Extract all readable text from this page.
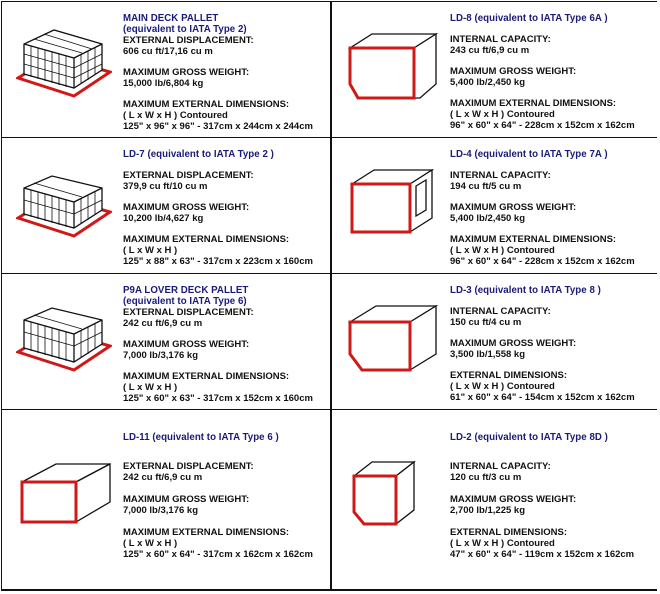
MAIN DECK PALLET
(equivalent to IATA Type 2)
EXTERNAL DISPLACEMENT:
606 cu ft/17,16 cu m
MAXIMUM GROSS WEIGHT:
15,000 lb/6,804 kg
MAXIMUM EXTERNAL DIMENSIONS:
( L x W x H ) Contoured
125" x 96" x 96" - 317cm x 244cm x 244cm
LD-8 (equivalent to IATA Type 6A )
INTERNAL CAPACITY:
243 cu ft/6,9 cu m
MAXIMUM GROSS WEIGHT:
5,400 lb/2,450 kg
MAXIMUM EXTERNAL DIMENSIONS:
( L x W x H ) Contoured
96" x 60" x 64" - 228cm x 152cm x 162cm
LD-7 (equivalent to IATA Type 2 )
EXTERNAL DISPLACEMENT:
379,9 cu ft/10 cu m
MAXIMUM GROSS WEIGHT:
10,200 lb/4,627 kg
MAXIMUM EXTERNAL DIMENSIONS:
( L x W x H )
125" x 88" x 63" - 317cm x 223cm x 160cm
LD-4 (equivalent to IATA Type 7A )
INTERNAL CAPACITY:
194 cu ft/5 cu m
MAXIMUM GROSS WEIGHT:
5,400 lb/2,450 kg
MAXIMUM EXTERNAL DIMENSIONS:
( L x W x H ) Contoured
96" x 60" x 64" - 228cm x 152cm x 162cm
P9A LOVER DECK PALLET
(equivalent to IATA Type 6)
EXTERNAL DISPLACEMENT:
242 cu ft/6,9 cu m
MAXIMUM GROSS WEIGHT:
7,000 lb/3,176 kg
MAXIMUM EXTERNAL DIMENSIONS:
( L x W x H )
125" x 60" x 63" - 317cm x 152cm x 160cm
LD-3 (equivalent to IATA Type 8 )
INTERNAL CAPACITY:
150 cu ft/4 cu m
MAXIMUM GROSS WEIGHT:
3,500 lb/1,558 kg
EXTERNAL DIMENSIONS:
( L x W x H ) Contoured
61" x 60" x 64" - 154cm x 152cm x 162cm
LD-11 (equivalent to IATA Type 6 )
EXTERNAL DISPLACEMENT:
242 cu ft/6,9 cu m
MAXIMUM GROSS WEIGHT:
7,000 lb/3,176 kg
MAXIMUM EXTERNAL DIMENSIONS:
( L x W x H )
125" x 60" x 64" - 317cm x 162cm x 162cm
LD-2 (equivalent to IATA Type 8D )
INTERNAL CAPACITY:
120 cu ft/3 cu m
MAXIMUM GROSS WEIGHT:
2,700 lb/1,225 kg
EXTERNAL DIMENSIONS:
( L x W x H ) Contoured
47" x 60" x 64" - 119cm x 152cm x 162cm
